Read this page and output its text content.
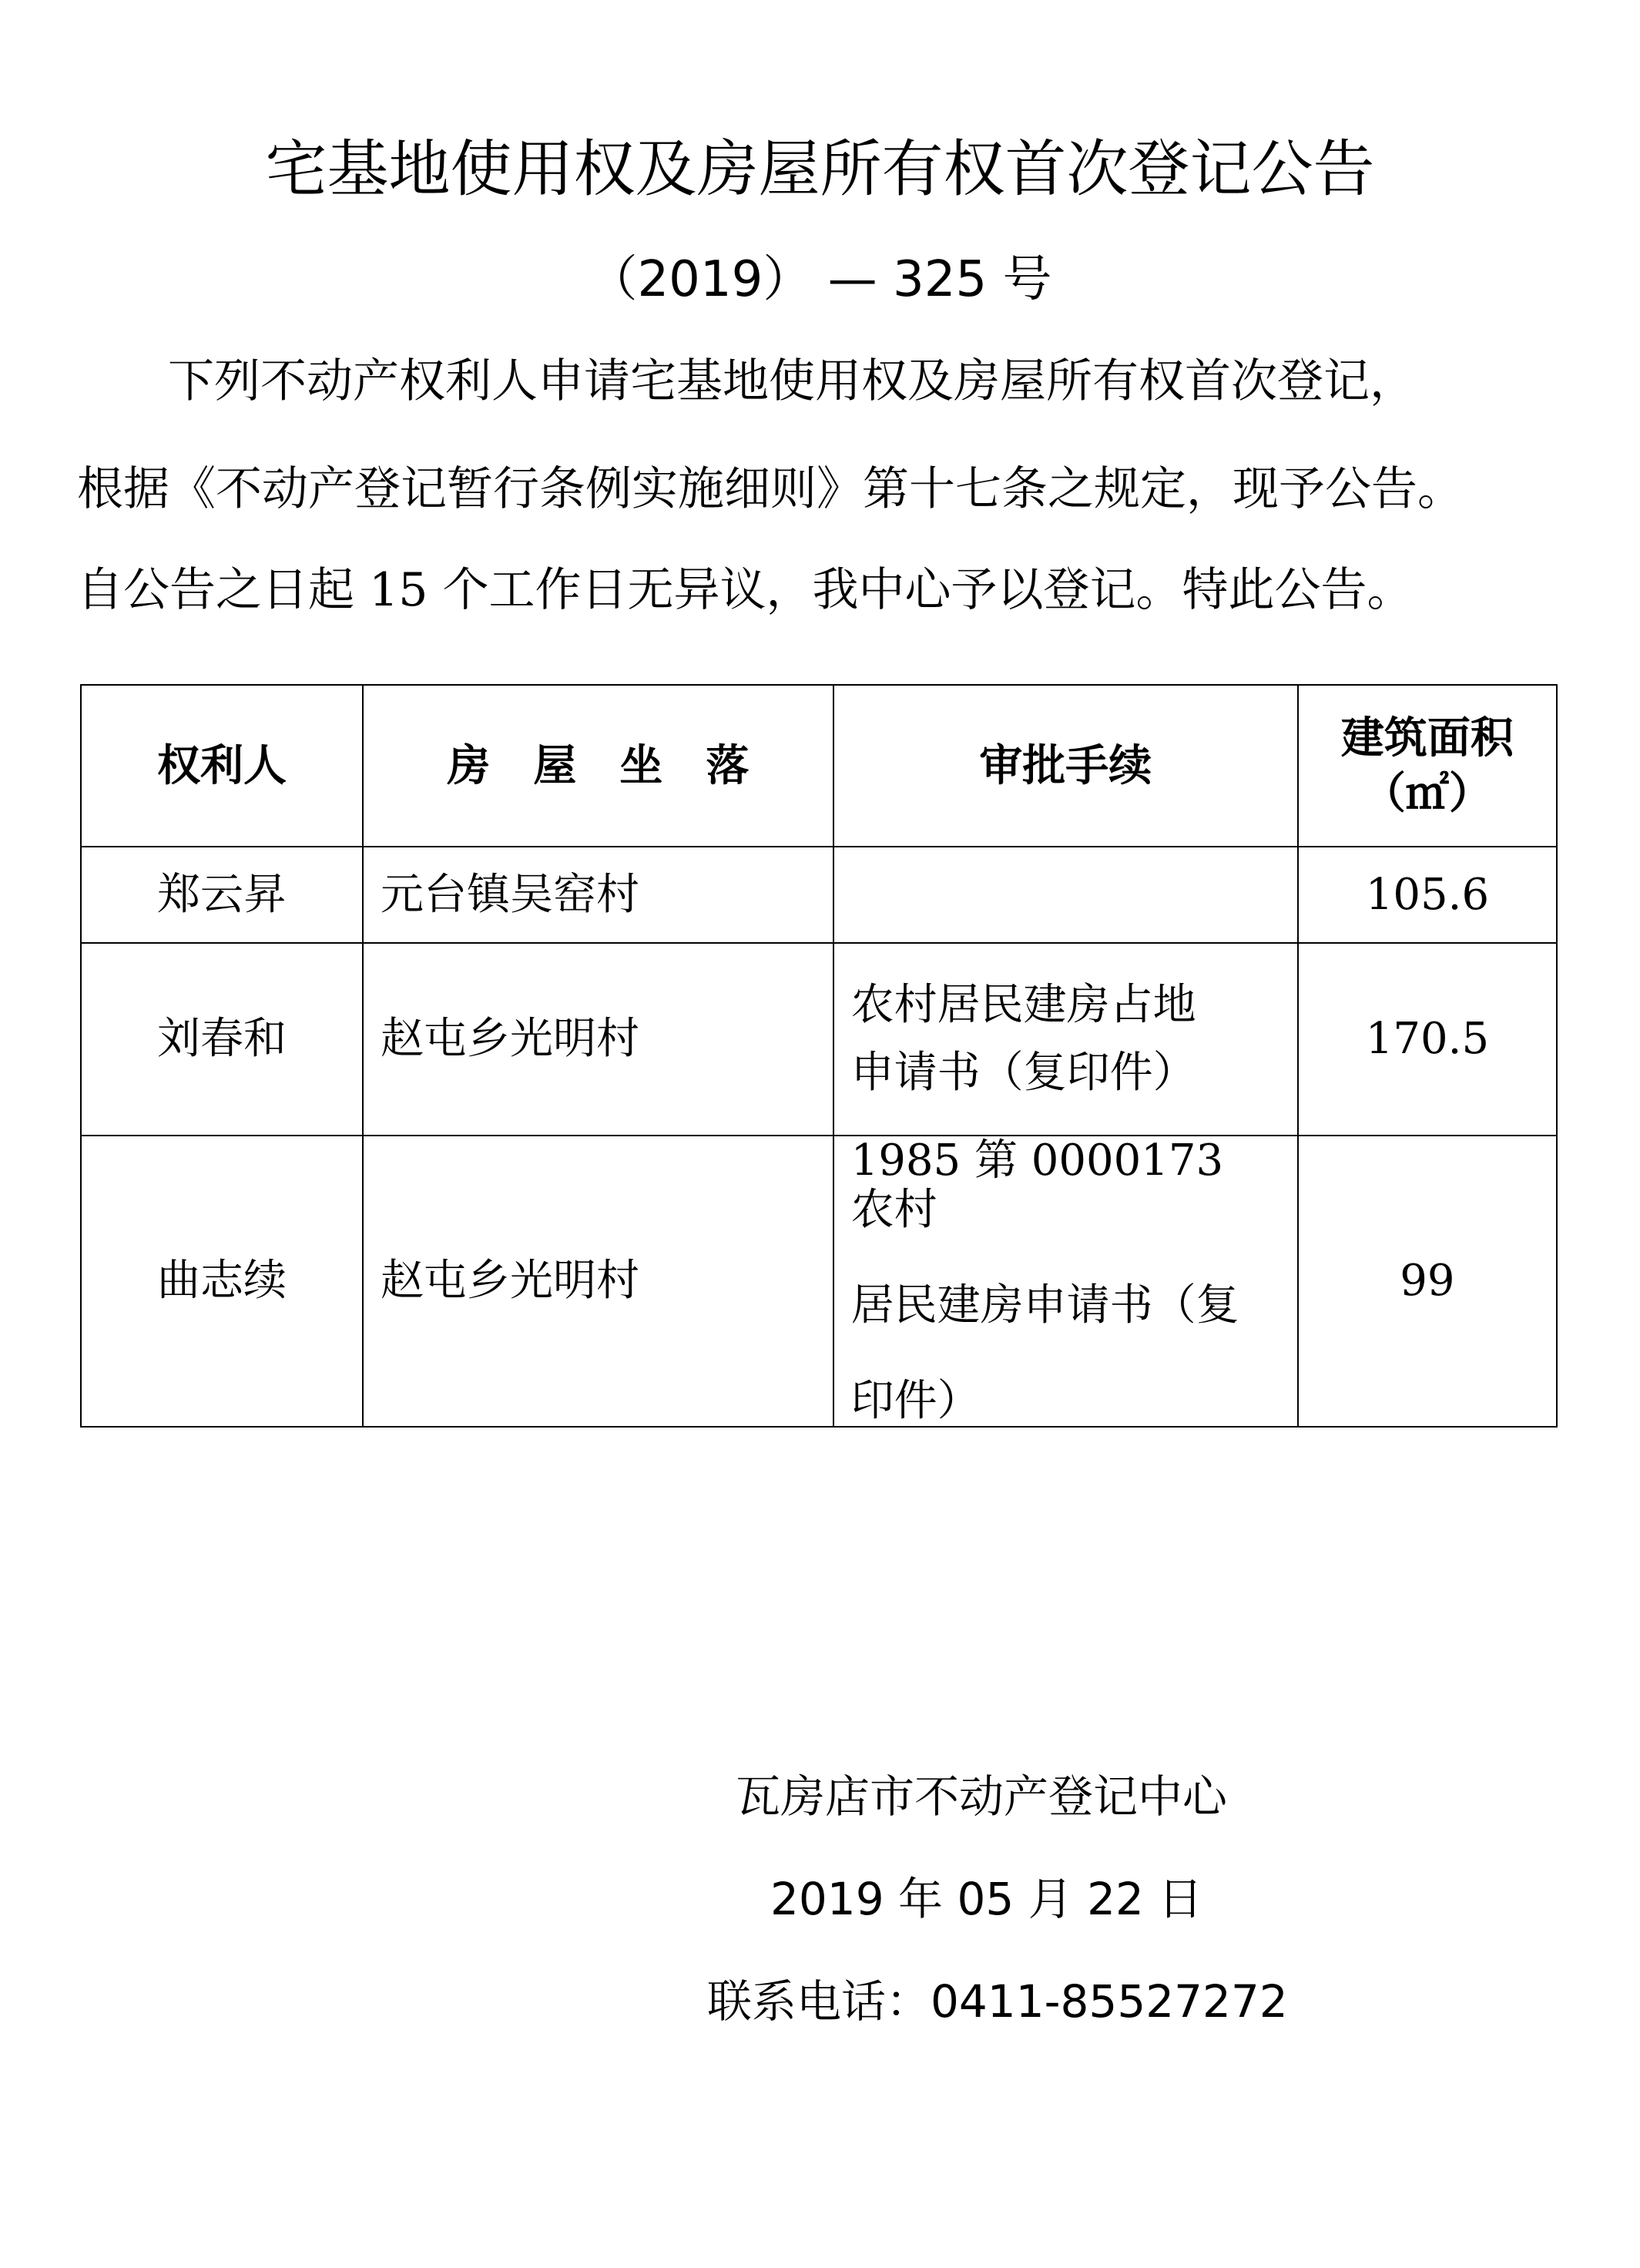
宅基地使用权及房屋所有权首次登记公告
（2019） — 325 号
下列不动产权利人申请宅基地使用权及房屋所有权首次登记，
根据《不动产登记暂行条例实施细则》第十七条之规定，现予公告。
自公告之日起 15 个工作日无异议，我中心予以登记。特此公告。
权利人	房　屋　坐　落	审批手续	建筑面积
（㎡）

郑云昇	元台镇吴窑村		105.6
刘春和	赵屯乡光明村	农村居民建房占地
申请书（复印件）	170.5
曲志续	赵屯乡光明村	1985 第 0000173 农村
居民建房申请书（复
印件）	99
瓦房店市不动产登记中心
2019 年 05 月 22 日
联系电话：0411-85527272
